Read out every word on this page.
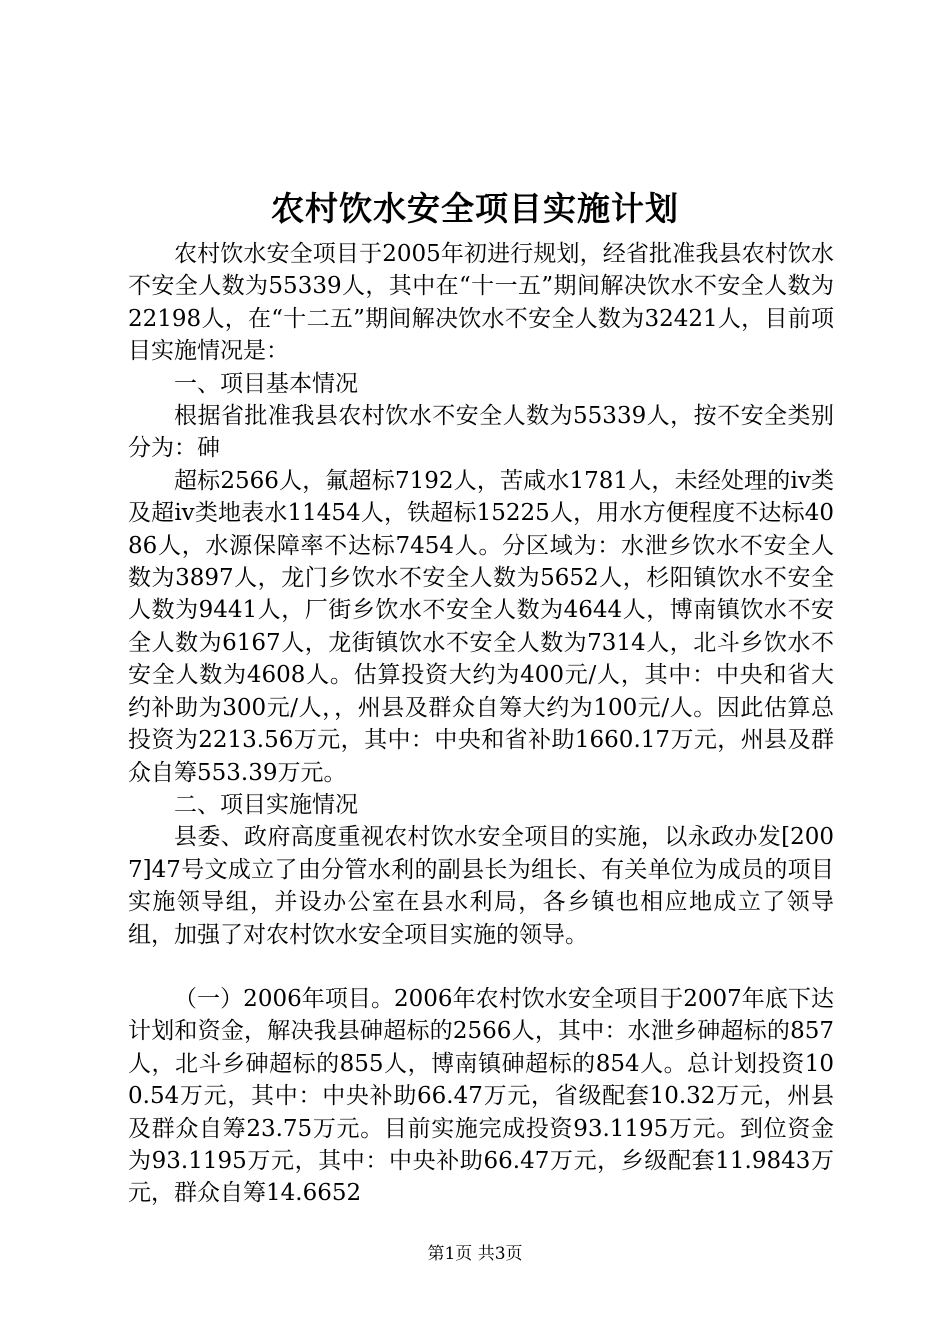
农村饮水安全项目实施计划

农村饮水安全项目于2005年初进行规划，经省批准我县农村饮水不安全人数为55339人，其中在“十一五”期间解决饮水不安全人数为22198人，在“十二五”期间解决饮水不安全人数为32421人，目前项目实施情况是：

一、项目基本情况

根据省批准我县农村饮水不安全人数为55339人，按不安全类别分为：砷

超标2566人，氟超标7192人，苦咸水1781人，未经处理的iv类及超iv类地表水11454人，铁超标15225人，用水方便程度不达标4086人，水源保障率不达标7454人。分区域为：水泄乡饮水不安全人数为3897人，龙门乡饮水不安全人数为5652人，杉阳镇饮水不安全人数为9441人，厂街乡饮水不安全人数为4644人，博南镇饮水不安全人数为6167人，龙街镇饮水不安全人数为7314人，北斗乡饮水不安全人数为4608人。估算投资大约为400元/人，其中：中央和省大约补助为300元/人，，州县及群众自筹大约为100元/人。因此估算总投资为2213.56万元，其中：中央和省补助1660.17万元，州县及群众自筹553.39万元。

二、项目实施情况

县委、政府高度重视农村饮水安全项目的实施，以永政办发[2007]47号文成立了由分管水利的副县长为组长、有关单位为成员的项目实施领导组，并设办公室在县水利局，各乡镇也相应地成立了领导组，加强了对农村饮水安全项目实施的领导。

（一）2006年项目。2006年农村饮水安全项目于2007年底下达计划和资金，解决我县砷超标的2566人，其中：水泄乡砷超标的857人，北斗乡砷超标的855人，博南镇砷超标的854人。总计划投资100.54万元，其中：中央补助66.47万元，省级配套10.32万元，州县及群众自筹23.75万元。目前实施完成投资93.1195万元。到位资金为93.1195万元，其中：中央补助66.47万元，乡级配套11.9843万元，群众自筹14.6652

第1页 共3页
